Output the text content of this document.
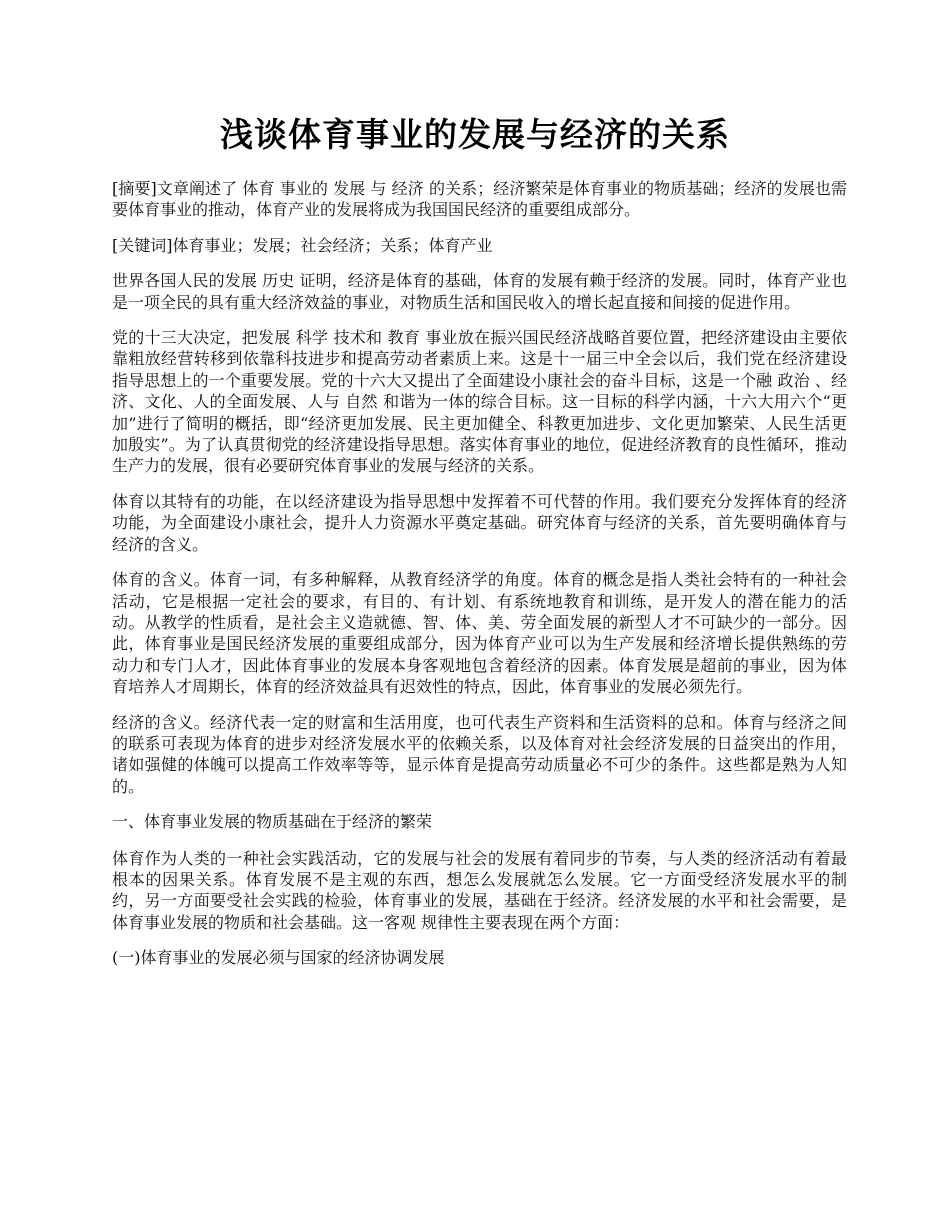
浅谈体育事业的发展与经济的关系

[摘要]文章阐述了 体育 事业的 发展 与 经济 的关系；经济繁荣是体育事业的物质基础；经济的发展也需要体育事业的推动，体育产业的发展将成为我国国民经济的重要组成部分。

[关键词]体育事业；发展；社会经济；关系；体育产业

世界各国人民的发展 历史 证明，经济是体育的基础，体育的发展有赖于经济的发展。同时，体育产业也是一项全民的具有重大经济效益的事业，对物质生活和国民收入的增长起直接和间接的促进作用。

党的十三大决定，把发展 科学 技术和 教育 事业放在振兴国民经济战略首要位置，把经济建设由主要依靠粗放经营转移到依靠科技进步和提高劳动者素质上来。这是十一届三中全会以后，我们党在经济建设指导思想上的一个重要发展。党的十六大又提出了全面建设小康社会的奋斗目标，这是一个融 政治 、经济、文化、人的全面发展、人与 自然 和谐为一体的综合目标。这一目标的科学内涵，十六大用六个“更加”进行了简明的概括，即“经济更加发展、民主更加健全、科教更加进步、文化更加繁荣、人民生活更加殷实”。为了认真贯彻党的经济建设指导思想。落实体育事业的地位，促进经济教育的良性循环，推动生产力的发展，很有必要研究体育事业的发展与经济的关系。

体育以其特有的功能，在以经济建设为指导思想中发挥着不可代替的作用。我们要充分发挥体育的经济功能，为全面建设小康社会，提升人力资源水平奠定基础。研究体育与经济的关系，首先要明确体育与经济的含义。

体育的含义。体育一词，有多种解释，从教育经济学的角度。体育的概念是指人类社会特有的一种社会活动，它是根据一定社会的要求，有目的、有计划、有系统地教育和训练，是开发人的潜在能力的活动。从教学的性质看，是社会主义造就德、智、体、美、劳全面发展的新型人才不可缺少的一部分。因此，体育事业是国民经济发展的重要组成部分，因为体育产业可以为生产发展和经济增长提供熟练的劳动力和专门人才，因此体育事业的发展本身客观地包含着经济的因素。体育发展是超前的事业，因为体育培养人才周期长，体育的经济效益具有迟效性的特点，因此，体育事业的发展必须先行。

经济的含义。经济代表一定的财富和生活用度，也可代表生产资料和生活资料的总和。体育与经济之间的联系可表现为体育的进步对经济发展水平的依赖关系，以及体育对社会经济发展的日益突出的作用，诸如强健的体魄可以提高工作效率等等，显示体育是提高劳动质量必不可少的条件。这些都是熟为人知的。

一、体育事业发展的物质基础在于经济的繁荣

体育作为人类的一种社会实践活动，它的发展与社会的发展有着同步的节奏，与人类的经济活动有着最根本的因果关系。体育发展不是主观的东西，想怎么发展就怎么发展。它一方面受经济发展水平的制约，另一方面要受社会实践的检验，体育事业的发展，基础在于经济。经济发展的水平和社会需要，是体育事业发展的物质和社会基础。这一客观 规律性主要表现在两个方面：

(一)体育事业的发展必须与国家的经济协调发展
